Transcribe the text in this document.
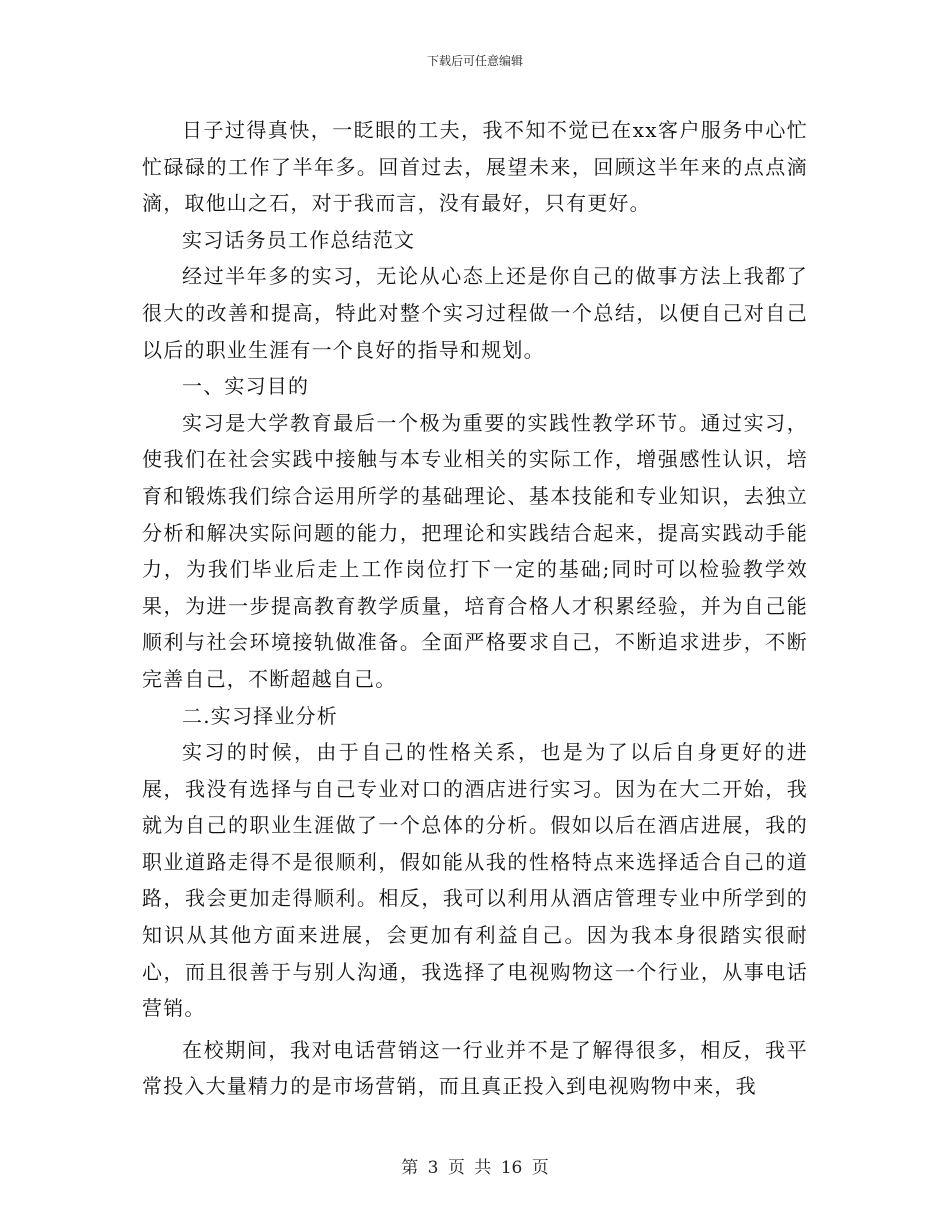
下载后可任意编辑

日子过得真快，一眨眼的工夫，我不知不觉已在xx客户服务中心忙忙碌碌的工作了半年多。回首过去，展望未来，回顾这半年来的点点滴滴，取他山之石，对于我而言，没有最好，只有更好。

实习话务员工作总结范文

经过半年多的实习，无论从心态上还是你自己的做事方法上我都了很大的改善和提高，特此对整个实习过程做一个总结，以便自己对自己以后的职业生涯有一个良好的指导和规划。

一、实习目的

实习是大学教育最后一个极为重要的实践性教学环节。通过实习，使我们在社会实践中接触与本专业相关的实际工作，增强感性认识，培育和锻炼我们综合运用所学的基础理论、基本技能和专业知识，去独立分析和解决实际问题的能力，把理论和实践结合起来，提高实践动手能力，为我们毕业后走上工作岗位打下一定的基础;同时可以检验教学效果，为进一步提高教育教学质量，培育合格人才积累经验，并为自己能顺利与社会环境接轨做准备。全面严格要求自己，不断追求进步，不断完善自己，不断超越自己。

二.实习择业分析

实习的时候，由于自己的性格关系，也是为了以后自身更好的进展，我没有选择与自己专业对口的酒店进行实习。因为在大二开始，我就为自己的职业生涯做了一个总体的分析。假如以后在酒店进展，我的职业道路走得不是很顺利，假如能从我的性格特点来选择适合自己的道路，我会更加走得顺利。相反，我可以利用从酒店管理专业中所学到的知识从其他方面来进展，会更加有利益自己。因为我本身很踏实很耐心，而且很善于与别人沟通，我选择了电视购物这一个行业，从事电话营销。

在校期间，我对电话营销这一行业并不是了解得很多，相反，我平常投入大量精力的是市场营销，而且真正投入到电视购物中来，我

第 3 页 共 16 页
